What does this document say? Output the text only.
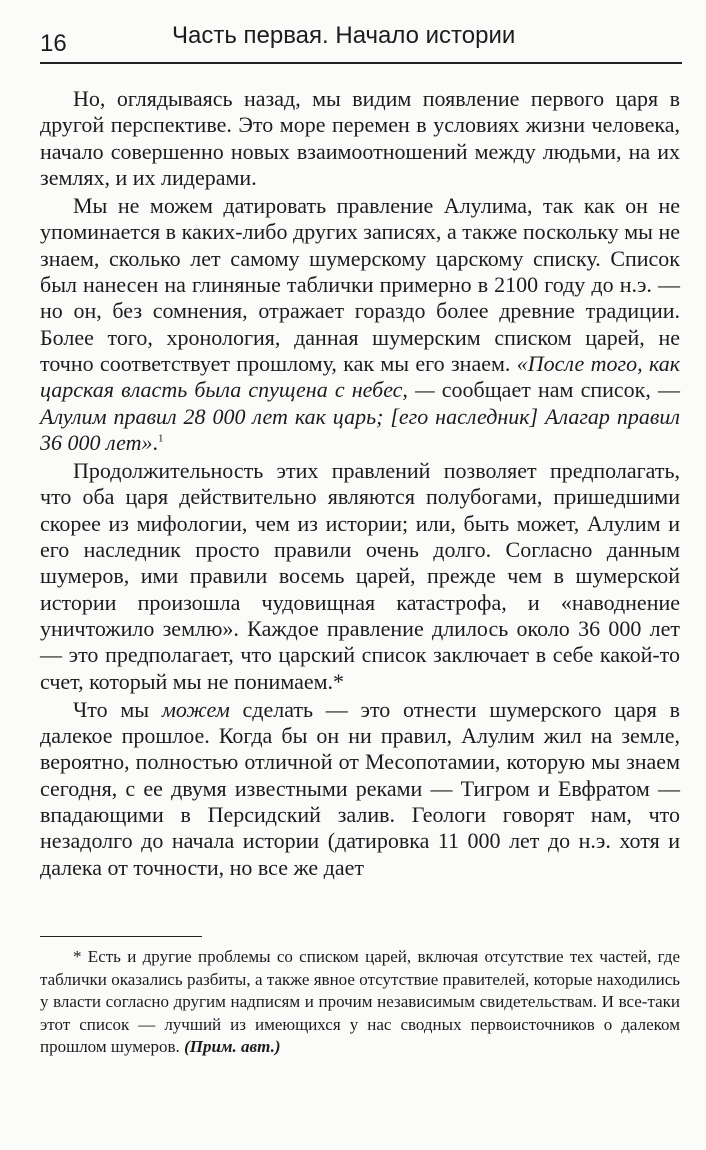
16	Часть первая. Начало истории

Но, оглядываясь назад, мы видим появление первого царя в другой перспективе. Это море перемен в условиях жизни человека, начало совершенно новых взаимоотношений между людьми, на их землях, и их лидерами.

Мы не можем датировать правление Алулима, так как он не упоминается в каких-либо других записях, а также поскольку мы не знаем, сколько лет самому шумерскому царскому списку. Список был нанесен на глиняные таблички примерно в 2100 году до н.э. — но он, без сомнения, отражает гораздо более древние традиции. Более того, хронология, данная шумерским списком царей, не точно соответствует прошлому, как мы его знаем. «После того, как царская власть была спущена с небес, — сообщает нам список, — Алулим правил 28 000 лет как царь; [его наследник] Алагар правил 36 000 лет».$^1$

Продолжительность этих правлений позволяет предполагать, что оба царя действительно являются полубогами, пришедшими скорее из мифологии, чем из истории; или, быть может, Алулим и его наследник просто правили очень долго. Согласно данным шумеров, ими правили восемь царей, прежде чем в шумерской истории произошла чудовищная катастрофа, и «наводнение уничтожило землю». Каждое правление длилось около 36 000 лет — это предполагает, что царский список заключает в себе какой-то счет, который мы не понимаем.*

Что мы можем сделать — это отнести шумерского царя в далекое прошлое. Когда бы он ни правил, Алулим жил на земле, вероятно, полностью отличной от Месопотамии, которую мы знаем сегодня, с ее двумя известными реками — Тигром и Евфратом — впадающими в Персидский залив. Геологи говорят нам, что незадолго до начала истории (датировка 11 000 лет до н.э. хотя и далека от точности, но все же дает

* Есть и другие проблемы со списком царей, включая отсутствие тех частей, где таблички оказались разбиты, а также явное отсутствие правителей, которые находились у власти согласно другим надписям и прочим независимым свидетельствам. И все-таки этот список — лучший из имеющихся у нас сводных первоисточников о далеком прошлом шумеров. (Прим. авт.)
